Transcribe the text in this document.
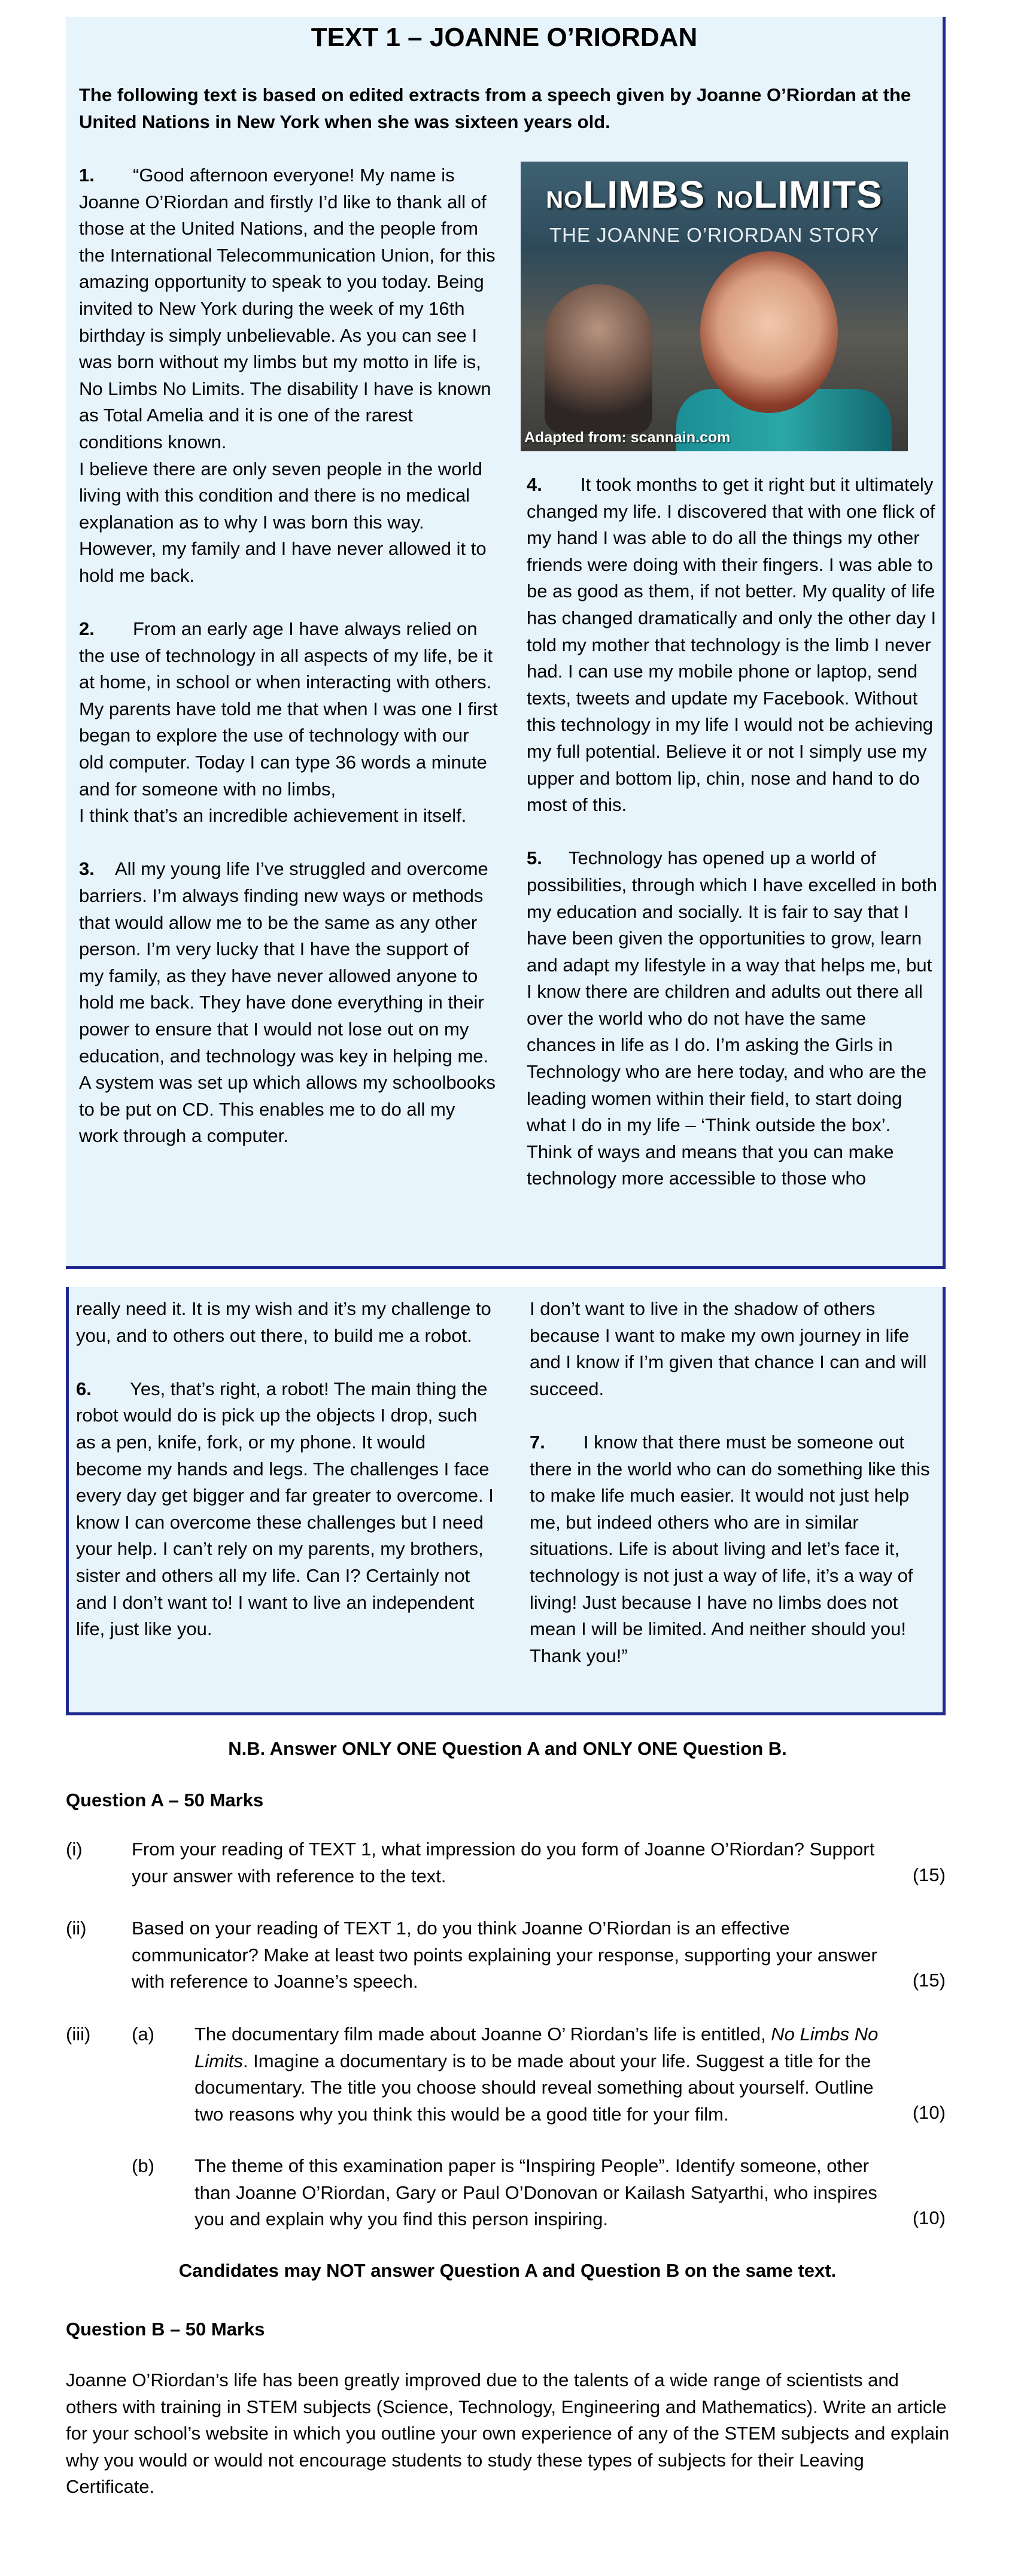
TEXT 1 – JOANNE O’RIORDAN
The following text is based on edited extracts from a speech given by Joanne O’Riordan at the United Nations in New York when she was sixteen years old.

1. “Good afternoon everyone! My name is Joanne O’Riordan and firstly I’d like to thank all of those at the United Nations, and the people from the International Telecommunication Union, for this amazing opportunity to speak to you today. Being invited to New York during the week of my 16th birthday is simply unbelievable. As you can see I was born without my limbs but my motto in life is, No Limbs No Limits. The disability I have is known as Total Amelia and it is one of the rarest conditions known.
I believe there are only seven people in the world living with this condition and there is no medical explanation as to why I was born this way. However, my family and I have never allowed it to hold me back.

2. From an early age I have always relied on the use of technology in all aspects of my life, be it at home, in school or when interacting with others. My parents have told me that when I was one I first began to explore the use of technology with our old computer. Today I can type 36 words a minute and for someone with no limbs,
I think that’s an incredible achievement in itself.

3. All my young life I’ve struggled and overcome barriers. I’m always finding new ways or methods that would allow me to be the same as any other person. I’m very lucky that I have the support of my family, as they have never allowed anyone to hold me back. They have done everything in their power to ensure that I would not lose out on my education, and technology was key in helping me. A system was set up which allows my schoolbooks to be put on CD. This enables me to do all my work through a computer.

NOLIMBS NOLIMITS
THE JOANNE O’RIORDAN STORY
Adapted from: scannain.com

4. It took months to get it right but it ultimately changed my life. I discovered that with one flick of my hand I was able to do all the things my other friends were doing with their fingers. I was able to be as good as them, if not better. My quality of life has changed dramatically and only the other day I told my mother that technology is the limb I never had. I can use my mobile phone or laptop, send texts, tweets and update my Facebook. Without this technology in my life I would not be achieving my full potential. Believe it or not I simply use my upper and bottom lip, chin, nose and hand to do most of this.

5. Technology has opened up a world of possibilities, through which I have excelled in both my education and socially. It is fair to say that I have been given the opportunities to grow, learn and adapt my lifestyle in a way that helps me, but I know there are children and adults out there all over the world who do not have the same chances in life as I do. I’m asking the Girls in Technology who are here today, and who are the leading women within their field, to start doing what I do in my life – ‘Think outside the box’. Think of ways and means that you can make technology more accessible to those who

really need it. It is my wish and it’s my challenge to you, and to others out there, to build me a robot.

6. Yes, that’s right, a robot! The main thing the robot would do is pick up the objects I drop, such as a pen, knife, fork, or my phone. It would become my hands and legs. The challenges I face every day get bigger and far greater to overcome. I know I can overcome these challenges but I need your help. I can’t rely on my parents, my brothers, sister and others all my life. Can I? Certainly not and I don’t want to! I want to live an independent life, just like you.

I don’t want to live in the shadow of others because I want to make my own journey in life and I know if I’m given that chance I can and will succeed.

7. I know that there must be someone out there in the world who can do something like this to make life much easier. It would not just help me, but indeed others who are in similar situations. Life is about living and let’s face it, technology is not just a way of life, it’s a way of living! Just because I have no limbs does not mean I will be limited. And neither should you! Thank you!”

N.B. Answer ONLY ONE Question A and ONLY ONE Question B.
Question A – 50 Marks
(i)	From your reading of TEXT 1, what impression do you form of Joanne O’Riordan? Support your answer with reference to the text.	(15)
(ii) Based on your reading of TEXT 1, do you think Joanne O’Riordan is an effective communicator? Make at least two points explaining your response, supporting your answer with reference to Joanne’s speech.	(15)
(iii) (a) The documentary film made about Joanne O’ Riordan’s life is entitled, No Limbs No Limits. Imagine a documentary is to be made about your life. Suggest a title for the documentary. The title you choose should reveal something about yourself. Outline two reasons why you think this would be a good title for your film.	(10)
(b) The theme of this examination paper is “Inspiring People”. Identify someone, other than Joanne O’Riordan, Gary or Paul O’Donovan or Kailash Satyarthi, who inspires you and explain why you find this person inspiring.	(10)
Candidates may NOT answer Question A and Question B on the same text.
Question B – 50 Marks
Joanne O’Riordan’s life has been greatly improved due to the talents of a wide range of scientists and others with training in STEM subjects (Science, Technology, Engineering and Mathematics). Write an article for your school’s website in which you outline your own experience of any of the STEM subjects and explain why you would or would not encourage students to study these types of subjects for their Leaving Certificate.
